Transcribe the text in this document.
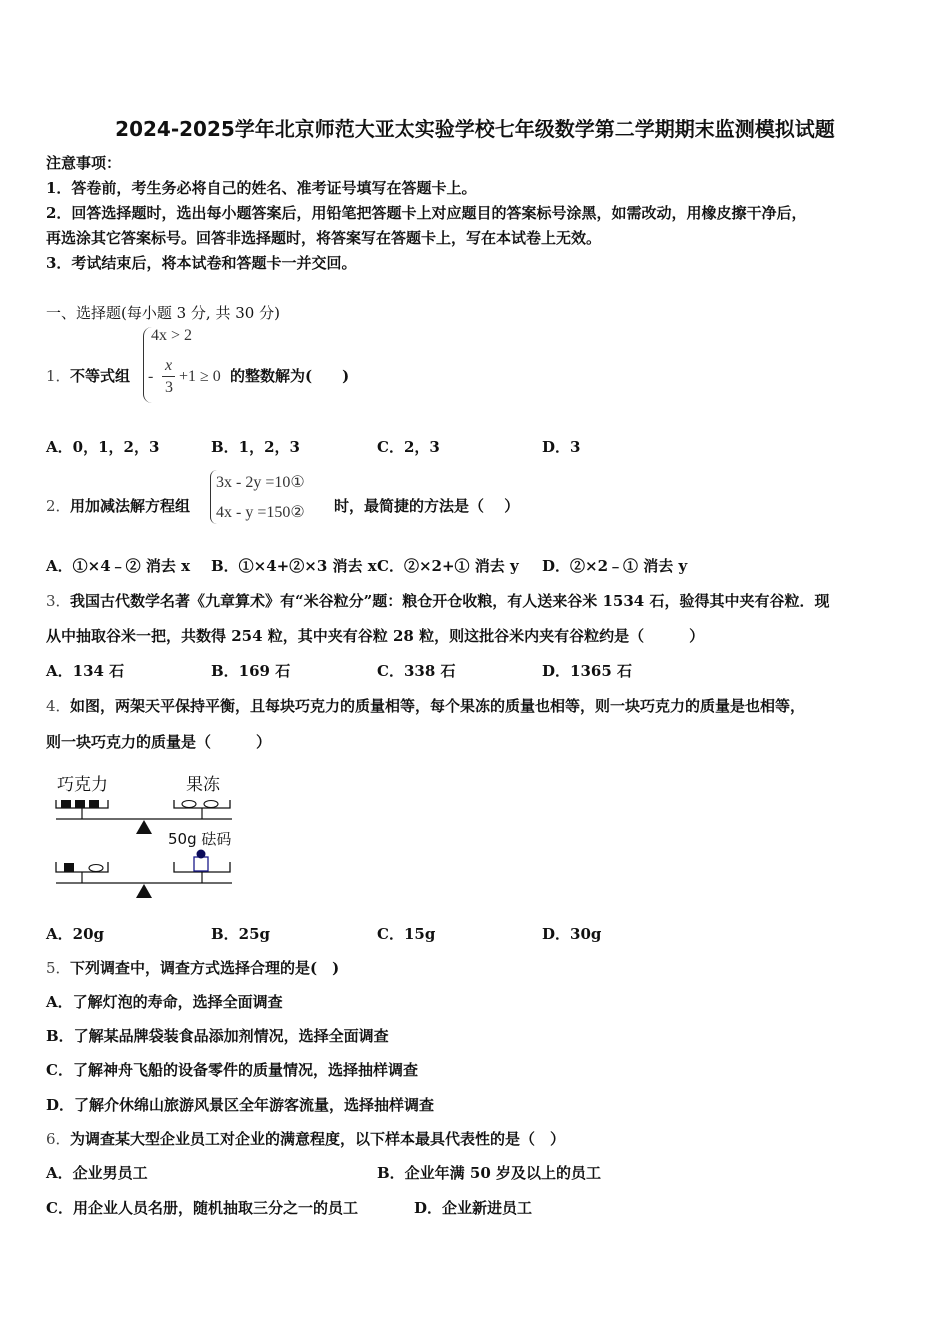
2024-2025学年北京师范大亚太实验学校七年级数学第二学期期末监测模拟试题
注意事项：
1．答卷前，考生务必将自己的姓名、准考证号填写在答题卡上。
2．回答选择题时，选出每小题答案后，用铅笔把答题卡上对应题目的答案标号涂黑，如需改动，用橡皮擦干净后，
再选涂其它答案标号。回答非选择题时，将答案写在答题卡上，写在本试卷上无效。
3．考试结束后，将本试卷和答题卡一并交回。
一、选择题(每小题 3 分, 共 30 分)
1． 不等式组
4x > 2
-
x
3
+1 ≥ 0 的整数解为(　　)
A．0，1，2，3	B．1，2，3	C．2，3	D．3
2． 用加减法解方程组
3x - 2y =10①
4x - y =150② 时，最简捷的方法是（　 ）
A．①×4﹣② 消去 x B．①×4+②×3 消去 x C．②×2+① 消去 y D．②×2﹣① 消去 y
3． 我国古代数学名著《九章算术》有“米谷粒分”题：粮仓开仓收粮，有人送来谷米 1534 石，验得其中夹有谷粒．现
从中抽取谷米一把，共数得 254 粒，其中夹有谷粒 28 粒，则这批谷米内夹有谷粒约是（　　　）
A．134 石	B．169 石	C．338 石	D．1365 石
4． 如图，两架天平保持平衡，且每块巧克力的质量相等，每个果冻的质量也相等，则一块巧克力的质量是也相等，
则一块巧克力的质量是（　　　）
巧克力	果冻
50g 砝码
A．20g	B．25g	C．15g	D．30g
5． 下列调查中，调查方式选择合理的是(　)
A．了解灯泡的寿命，选择全面调查
B．了解某品牌袋装食品添加剂情况，选择全面调查
C．了解神舟飞船的设备零件的质量情况，选择抽样调查
D．了解介休绵山旅游风景区全年游客流量，选择抽样调查
6． 为调查某大型企业员工对企业的满意程度，以下样本最具代表性的是（　）
A．企业男员工	B．企业年满 50 岁及以上的员工
C．用企业人员名册，随机抽取三分之一的员工	D．企业新进员工
